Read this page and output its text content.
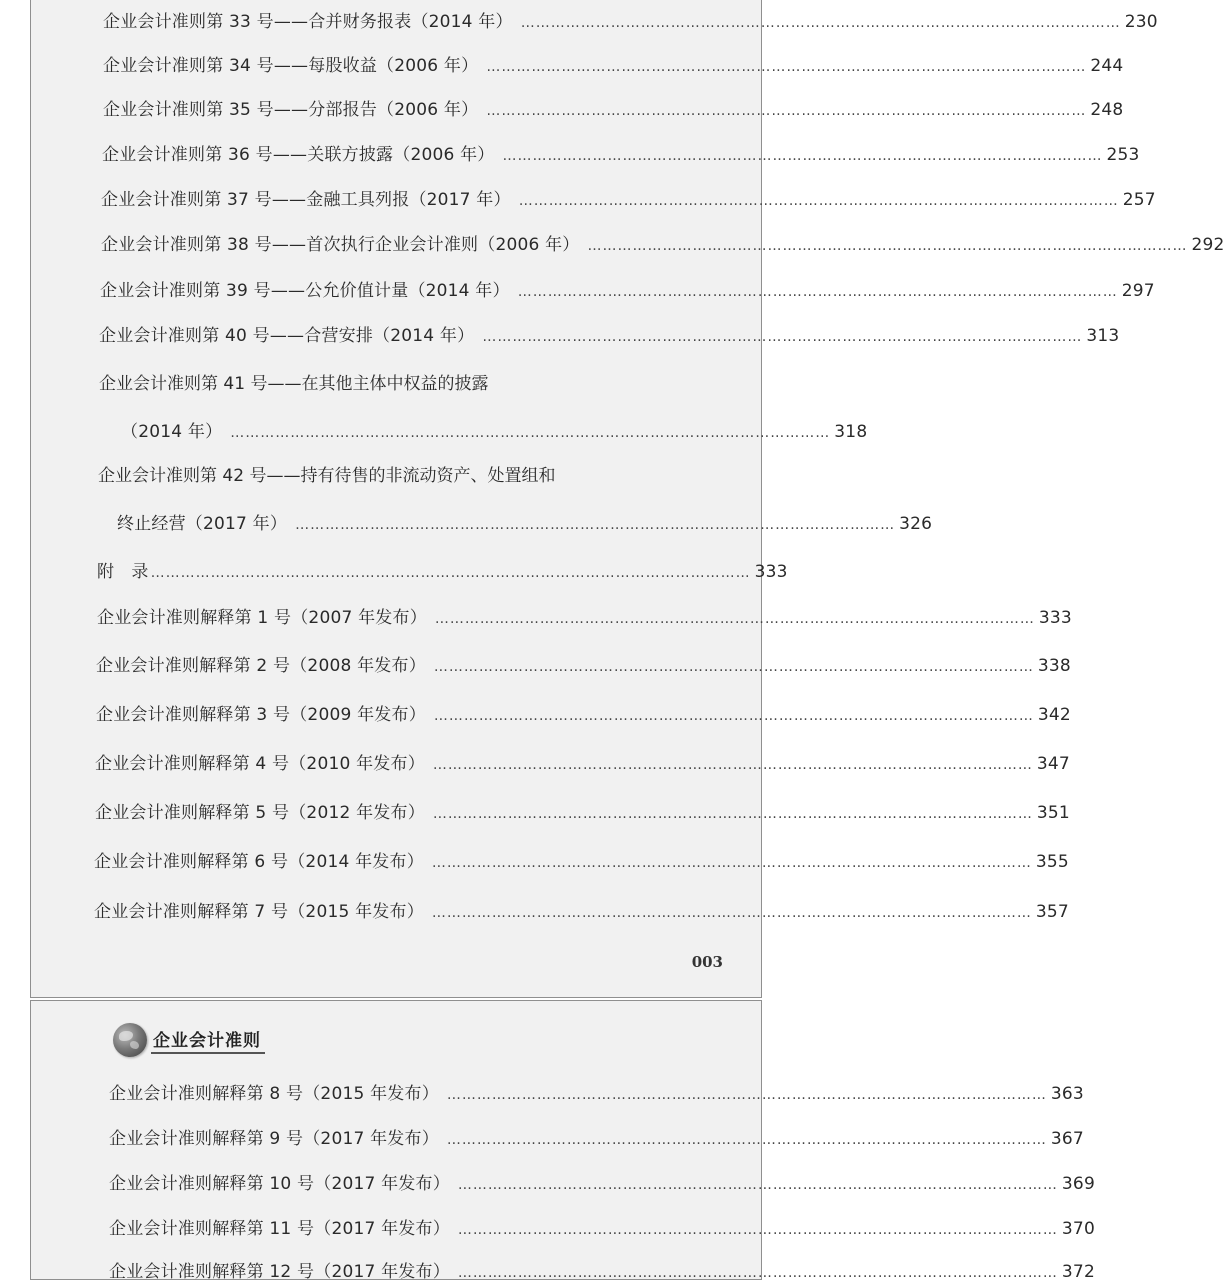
企业会计准则第 33 号——合并财务报表（2014 年） …………………………………………………………………………………………………………	230
企业会计准则第 34 号——每股收益（2006 年） …………………………………………………………………………………………………………	244
企业会计准则第 35 号——分部报告（2006 年） …………………………………………………………………………………………………………	248
企业会计准则第 36 号——关联方披露（2006 年） …………………………………………………………………………………………………………	253
企业会计准则第 37 号——金融工具列报（2017 年） …………………………………………………………………………………………………………	257
企业会计准则第 38 号——首次执行企业会计准则（2006 年） …………………………………………………………………………………………………………	292
企业会计准则第 39 号——公允价值计量（2014 年） …………………………………………………………………………………………………………	297
企业会计准则第 40 号——合营安排（2014 年） …………………………………………………………………………………………………………	313
企业会计准则第 41 号——在其他主体中权益的披露
（2014 年） …………………………………………………………………………………………………………	318
企业会计准则第 42 号——持有待售的非流动资产、处置组和
终止经营（2017 年） …………………………………………………………………………………………………………	326
附　录 …………………………………………………………………………………………………………	333
企业会计准则解释第 1 号（2007 年发布） …………………………………………………………………………………………………………	333
企业会计准则解释第 2 号（2008 年发布） …………………………………………………………………………………………………………	338
企业会计准则解释第 3 号（2009 年发布） …………………………………………………………………………………………………………	342
企业会计准则解释第 4 号（2010 年发布） …………………………………………………………………………………………………………	347
企业会计准则解释第 5 号（2012 年发布） …………………………………………………………………………………………………………	351
企业会计准则解释第 6 号（2014 年发布） …………………………………………………………………………………………………………	355
企业会计准则解释第 7 号（2015 年发布） …………………………………………………………………………………………………………	357
003
企业会计准则
企业会计准则解释第 8 号（2015 年发布） …………………………………………………………………………………………………………	363
企业会计准则解释第 9 号（2017 年发布） …………………………………………………………………………………………………………	367
企业会计准则解释第 10 号（2017 年发布） …………………………………………………………………………………………………………	369
企业会计准则解释第 11 号（2017 年发布） …………………………………………………………………………………………………………	370
企业会计准则解释第 12 号（2017 年发布） …………………………………………………………………………………………………………	372
